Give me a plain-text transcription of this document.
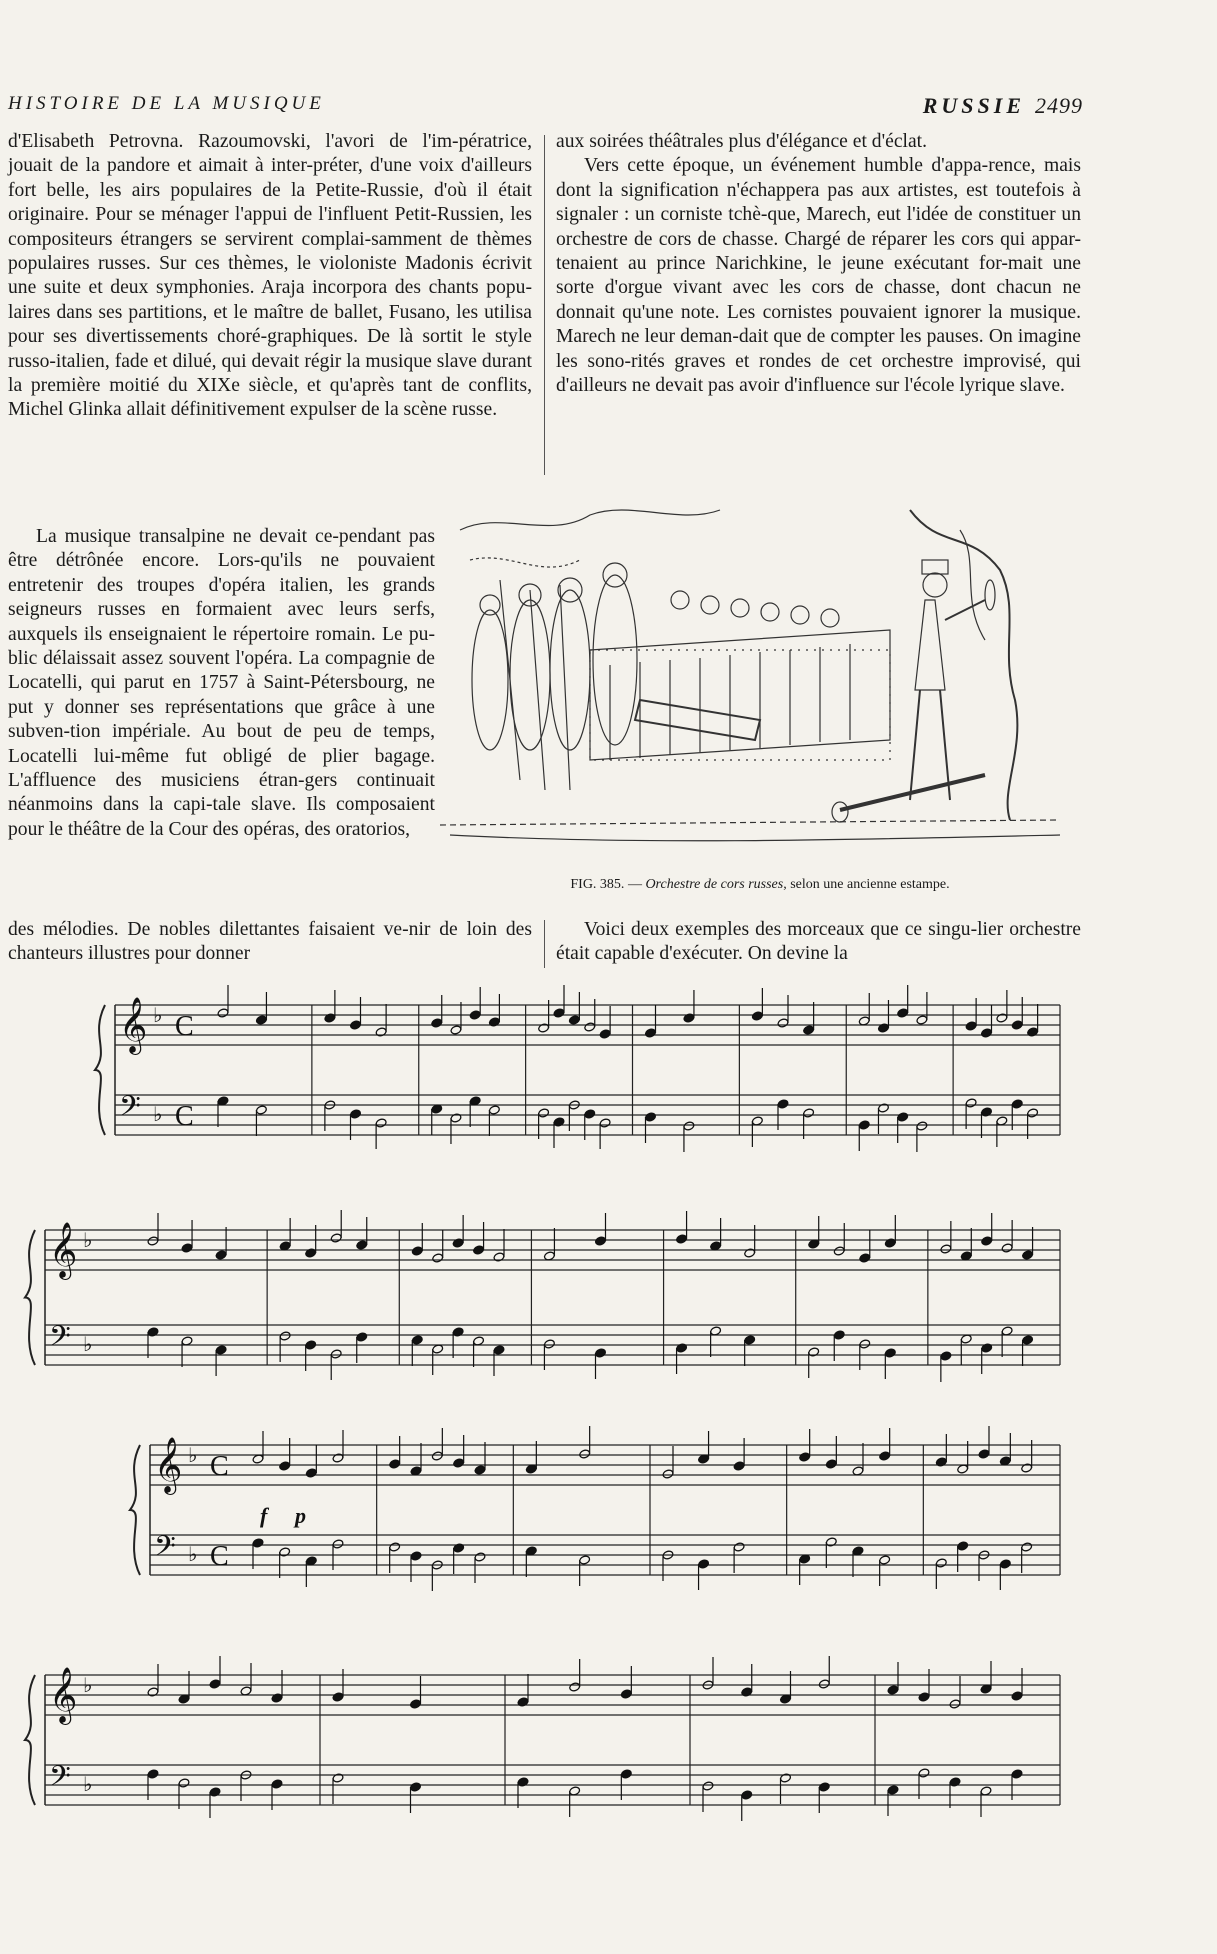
HISTOIRE DE LA MUSIQUE	RUSSIE 2499

d'Elisabeth Petrovna. Razoumovski, l'avori de l'im-pératrice, jouait de la pandore et aimait à inter-préter, d'une voix d'ailleurs fort belle, les airs populaires de la Petite-Russie, d'où il était originaire. Pour se ménager l'appui de l'influent Petit-Russien, les compositeurs étrangers se servirent complai-samment de thèmes populaires russes. Sur ces thèmes, le violoniste Madonis écrivit une suite et deux symphonies. Araja incorpora des chants popu-laires dans ses partitions, et le maître de ballet, Fusano, les utilisa pour ses divertissements choré-graphiques. De là sortit le style russo-italien, fade et dilué, qui devait régir la musique slave durant la première moitié du XIXe siècle, et qu'après tant de conflits, Michel Glinka allait définitivement expulser de la scène russe.

La musique transalpine ne devait ce-pendant pas être détrônée encore. Lors-qu'ils ne pouvaient entretenir des troupes d'opéra italien, les grands seigneurs russes en formaient avec leurs serfs, auxquels ils enseignaient le répertoire romain. Le pu-blic délaissait assez souvent l'opéra. La compagnie de Locatelli, qui parut en 1757 à Saint-Pétersbourg, ne put y donner ses représentations que grâce à une subven-tion impériale. Au bout de peu de temps, Locatelli lui-même fut obligé de plier bagage. L'affluence des musiciens étran-gers continuait néanmoins dans la capi-tale slave. Ils composaient pour le théâtre de la Cour des opéras, des oratorios,

aux soirées théâtrales plus d'élégance et d'éclat.

Vers cette époque, un événement humble d'appa-rence, mais dont la signification n'échappera pas aux artistes, est toutefois à signaler : un corniste tchè-que, Marech, eut l'idée de constituer un orchestre de cors de chasse. Chargé de réparer les cors qui appar-tenaient au prince Narichkine, le jeune exécutant for-mait une sorte d'orgue vivant avec les cors de chasse, dont chacun ne donnait qu'une note. Les cornistes pouvaient ignorer la musique. Marech ne leur deman-dait que de compter les pauses. On imagine les sono-rités graves et rondes de cet orchestre improvisé, qui d'ailleurs ne devait pas avoir d'influence sur l'école lyrique slave.

des mélodies. De nobles dilettantes faisaient ve-nir de loin des chanteurs illustres pour donner

Voici deux exemples des morceaux que ce singu-lier orchestre était capable d'exécuter. On devine la

FIG. 385. — Orchestre de cors russes, selon une ancienne estampe.
𝄞 ♭ C
𝄢 ♭ C
𝄞 ♭
𝄢 ♭
𝄞 ♭ C
𝄢 ♭ C
𝄞 ♭
𝄢 ♭
f p
